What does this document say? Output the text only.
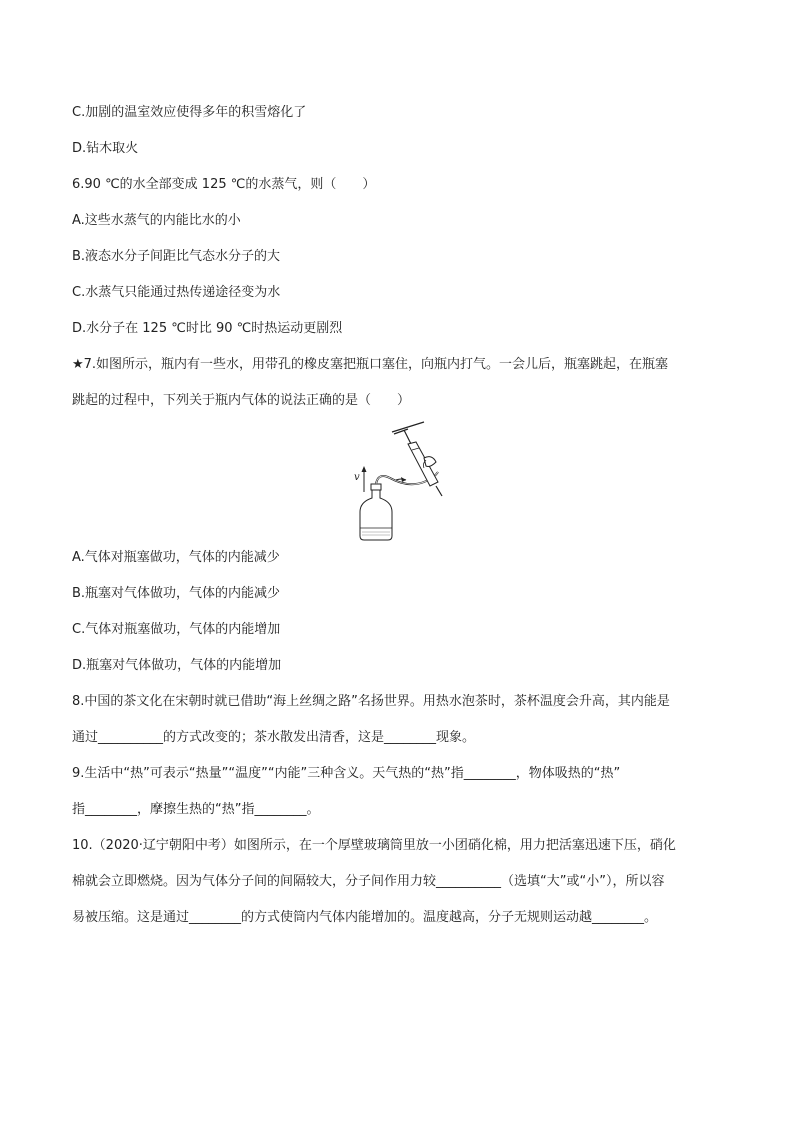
C.加剧的温室效应使得多年的积雪熔化了
D.钻木取火
6.90 ℃的水全部变成 125 ℃的水蒸气，则（　　）
A.这些水蒸气的内能比水的小
B.液态水分子间距比气态水分子的大
C.水蒸气只能通过热传递途径变为水
D.水分子在 125 ℃时比 90 ℃时热运动更剧烈
★7.如图所示，瓶内有一些水，用带孔的橡皮塞把瓶口塞住，向瓶内打气。一会儿后，瓶塞跳起，在瓶塞
跳起的过程中，下列关于瓶内气体的说法正确的是（　　）
A.气体对瓶塞做功，气体的内能减少
B.瓶塞对气体做功，气体的内能减少
C.气体对瓶塞做功，气体的内能增加
D.瓶塞对气体做功，气体的内能增加
8.中国的茶文化在宋朝时就已借助“海上丝绸之路”名扬世界。用热水泡茶时，茶杯温度会升高，其内能是
通过__________的方式改变的；茶水散发出清香，这是________现象。
9.生活中“热”可表示“热量”“温度”“内能”三种含义。天气热的“热”指________，物体吸热的“热”
指________，摩擦生热的“热”指________。
10.（2020·辽宁朝阳中考）如图所示，在一个厚壁玻璃筒里放一小团硝化棉，用力把活塞迅速下压，硝化
棉就会立即燃烧。因为气体分子间的间隔较大，分子间作用力较__________（选填“大”或“小”），所以容
易被压缩。这是通过________的方式使筒内气体内能增加的。温度越高，分子无规则运动越________。
v
